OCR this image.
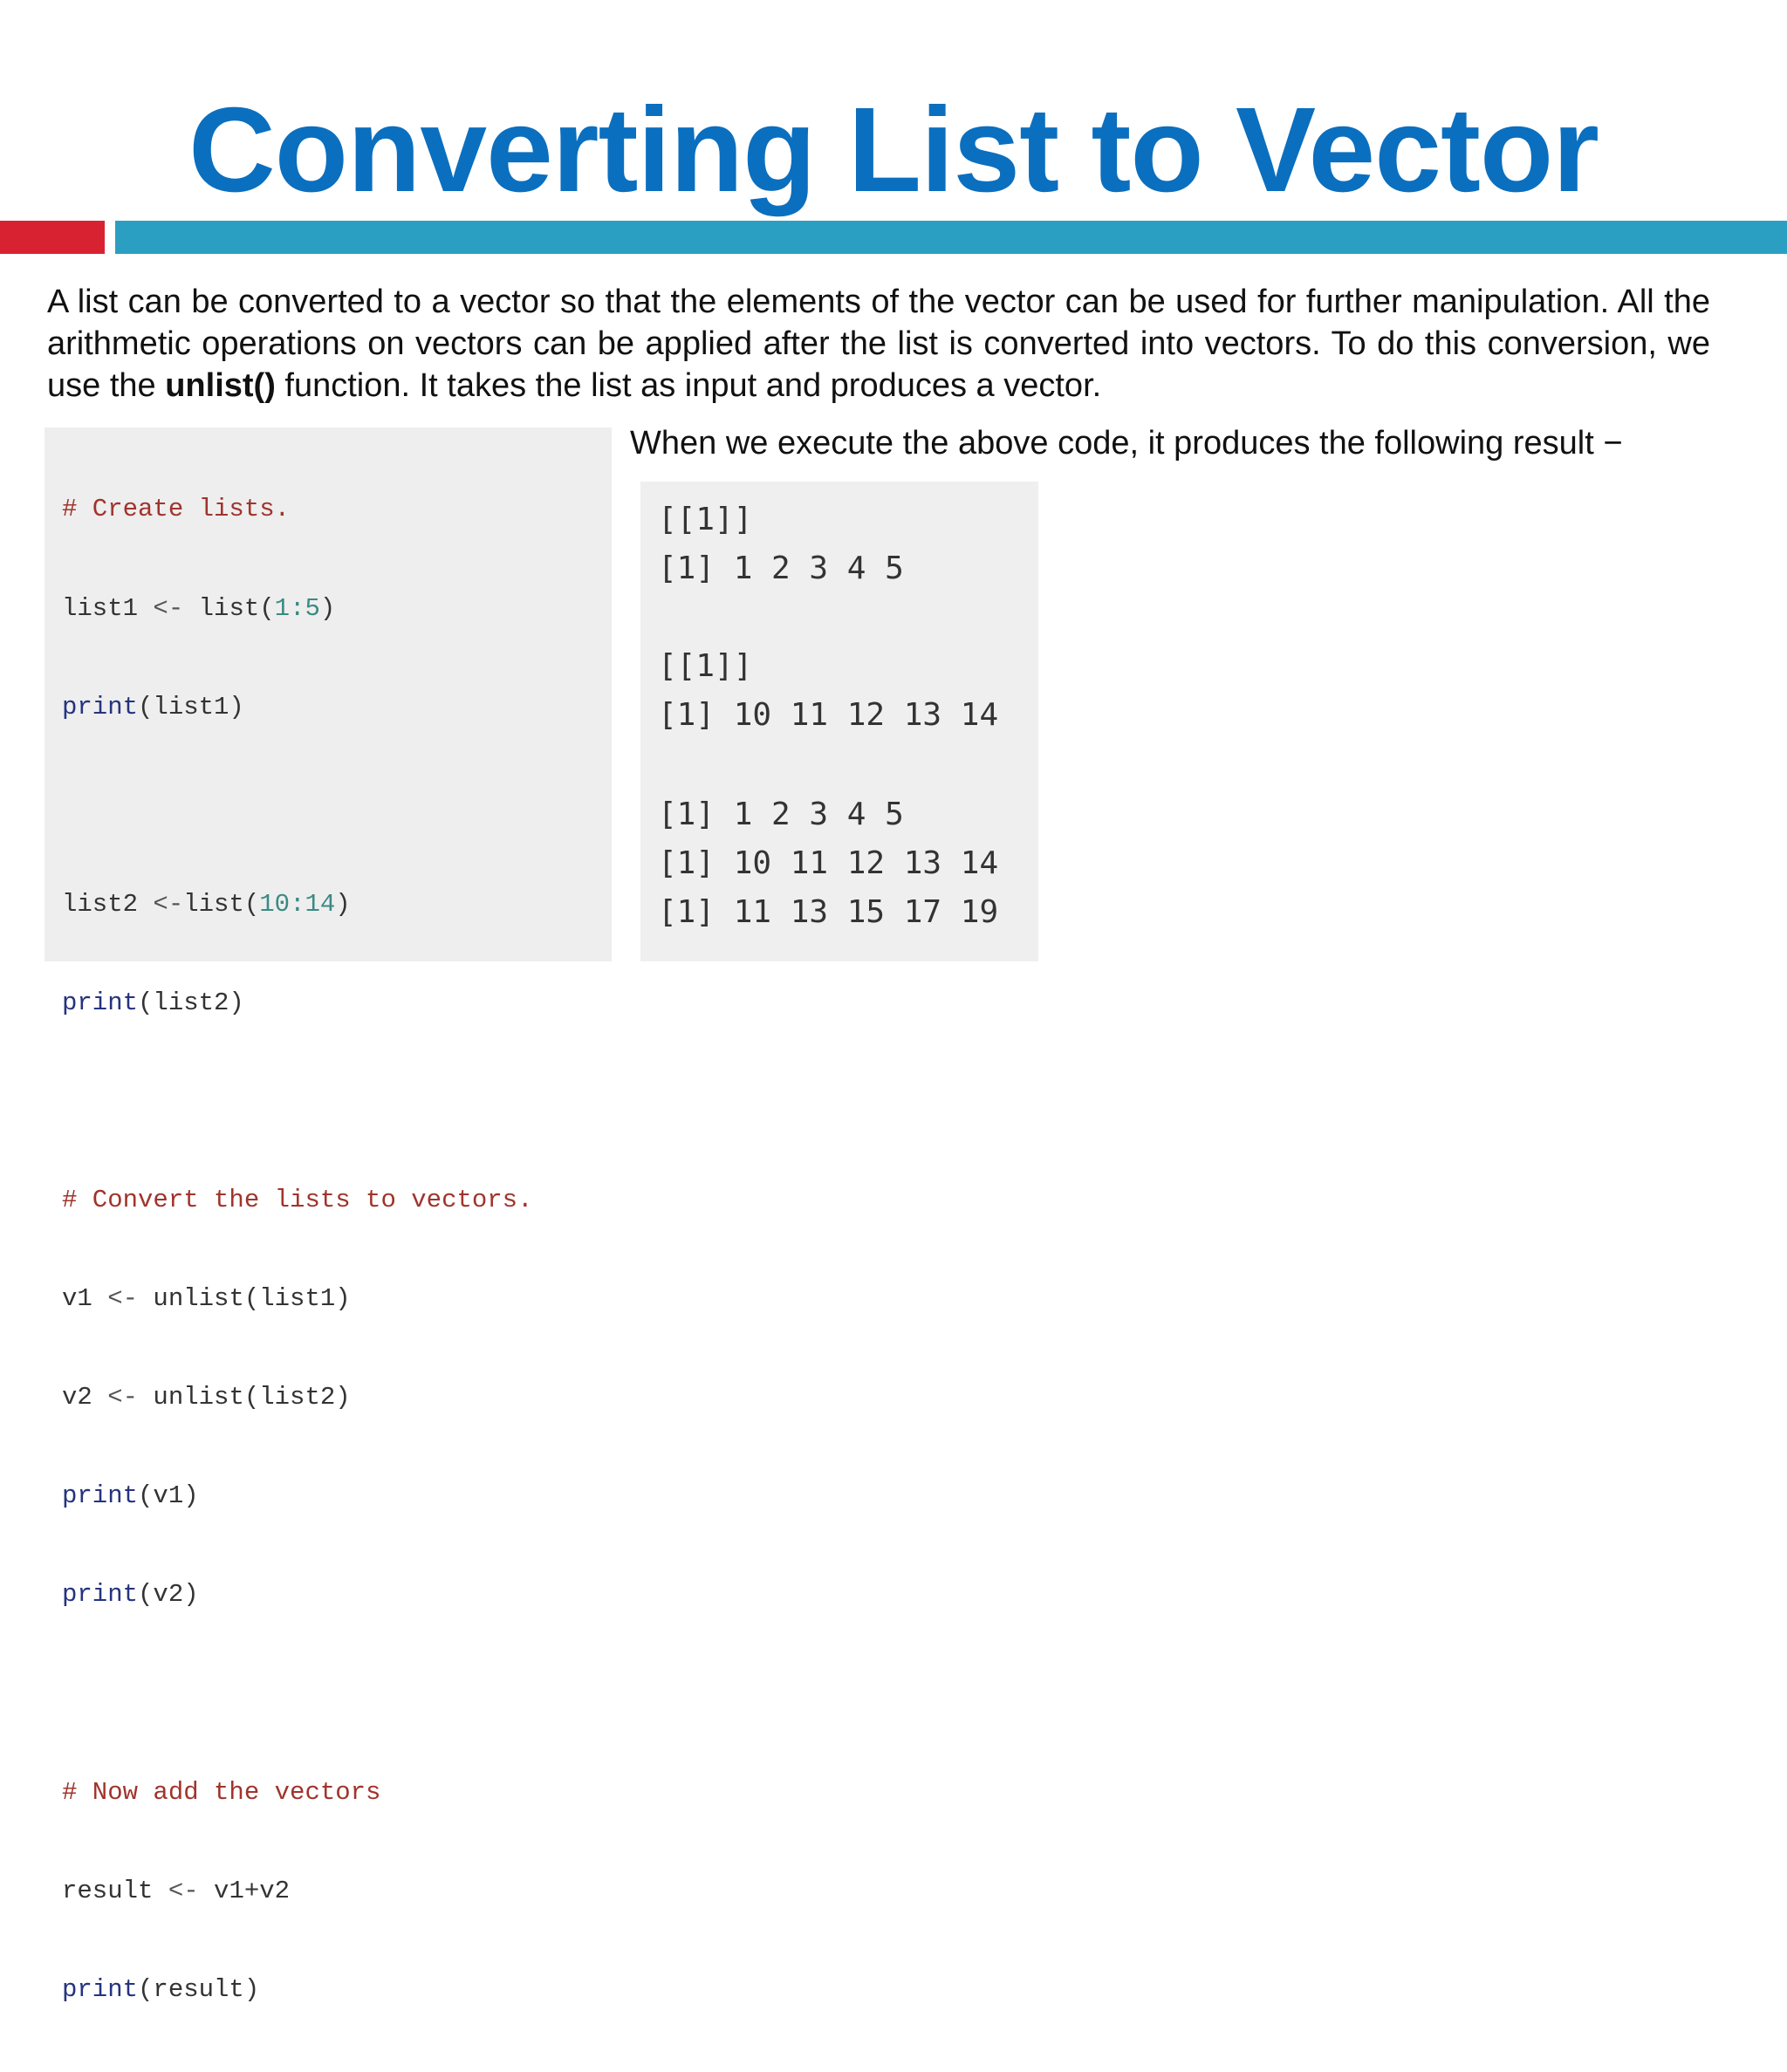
Converting List to Vector

A list can be converted to a vector so that the elements of the vector can be used for further manipulation. All the arithmetic operations on vectors can be applied after the list is converted into vectors. To do this conversion, we use the unlist() function. It takes the list as input and produces a vector.

# Create lists.

list1 <- list(1:5)

print(list1)

list2 <-list(10:14)

print(list2)

# Convert the lists to vectors.

v1 <- unlist(list1)

v2 <- unlist(list2)

print(v1)

print(v2)

# Now add the vectors

result <- v1+v2

print(result)

When we execute the above code, it produces the following result −
[[1]]
[1] 1 2 3 4 5
[[1]]
[1] 10 11 12 13 14
[1] 1 2 3 4 5
[1] 10 11 12 13 14
[1] 11 13 15 17 19
